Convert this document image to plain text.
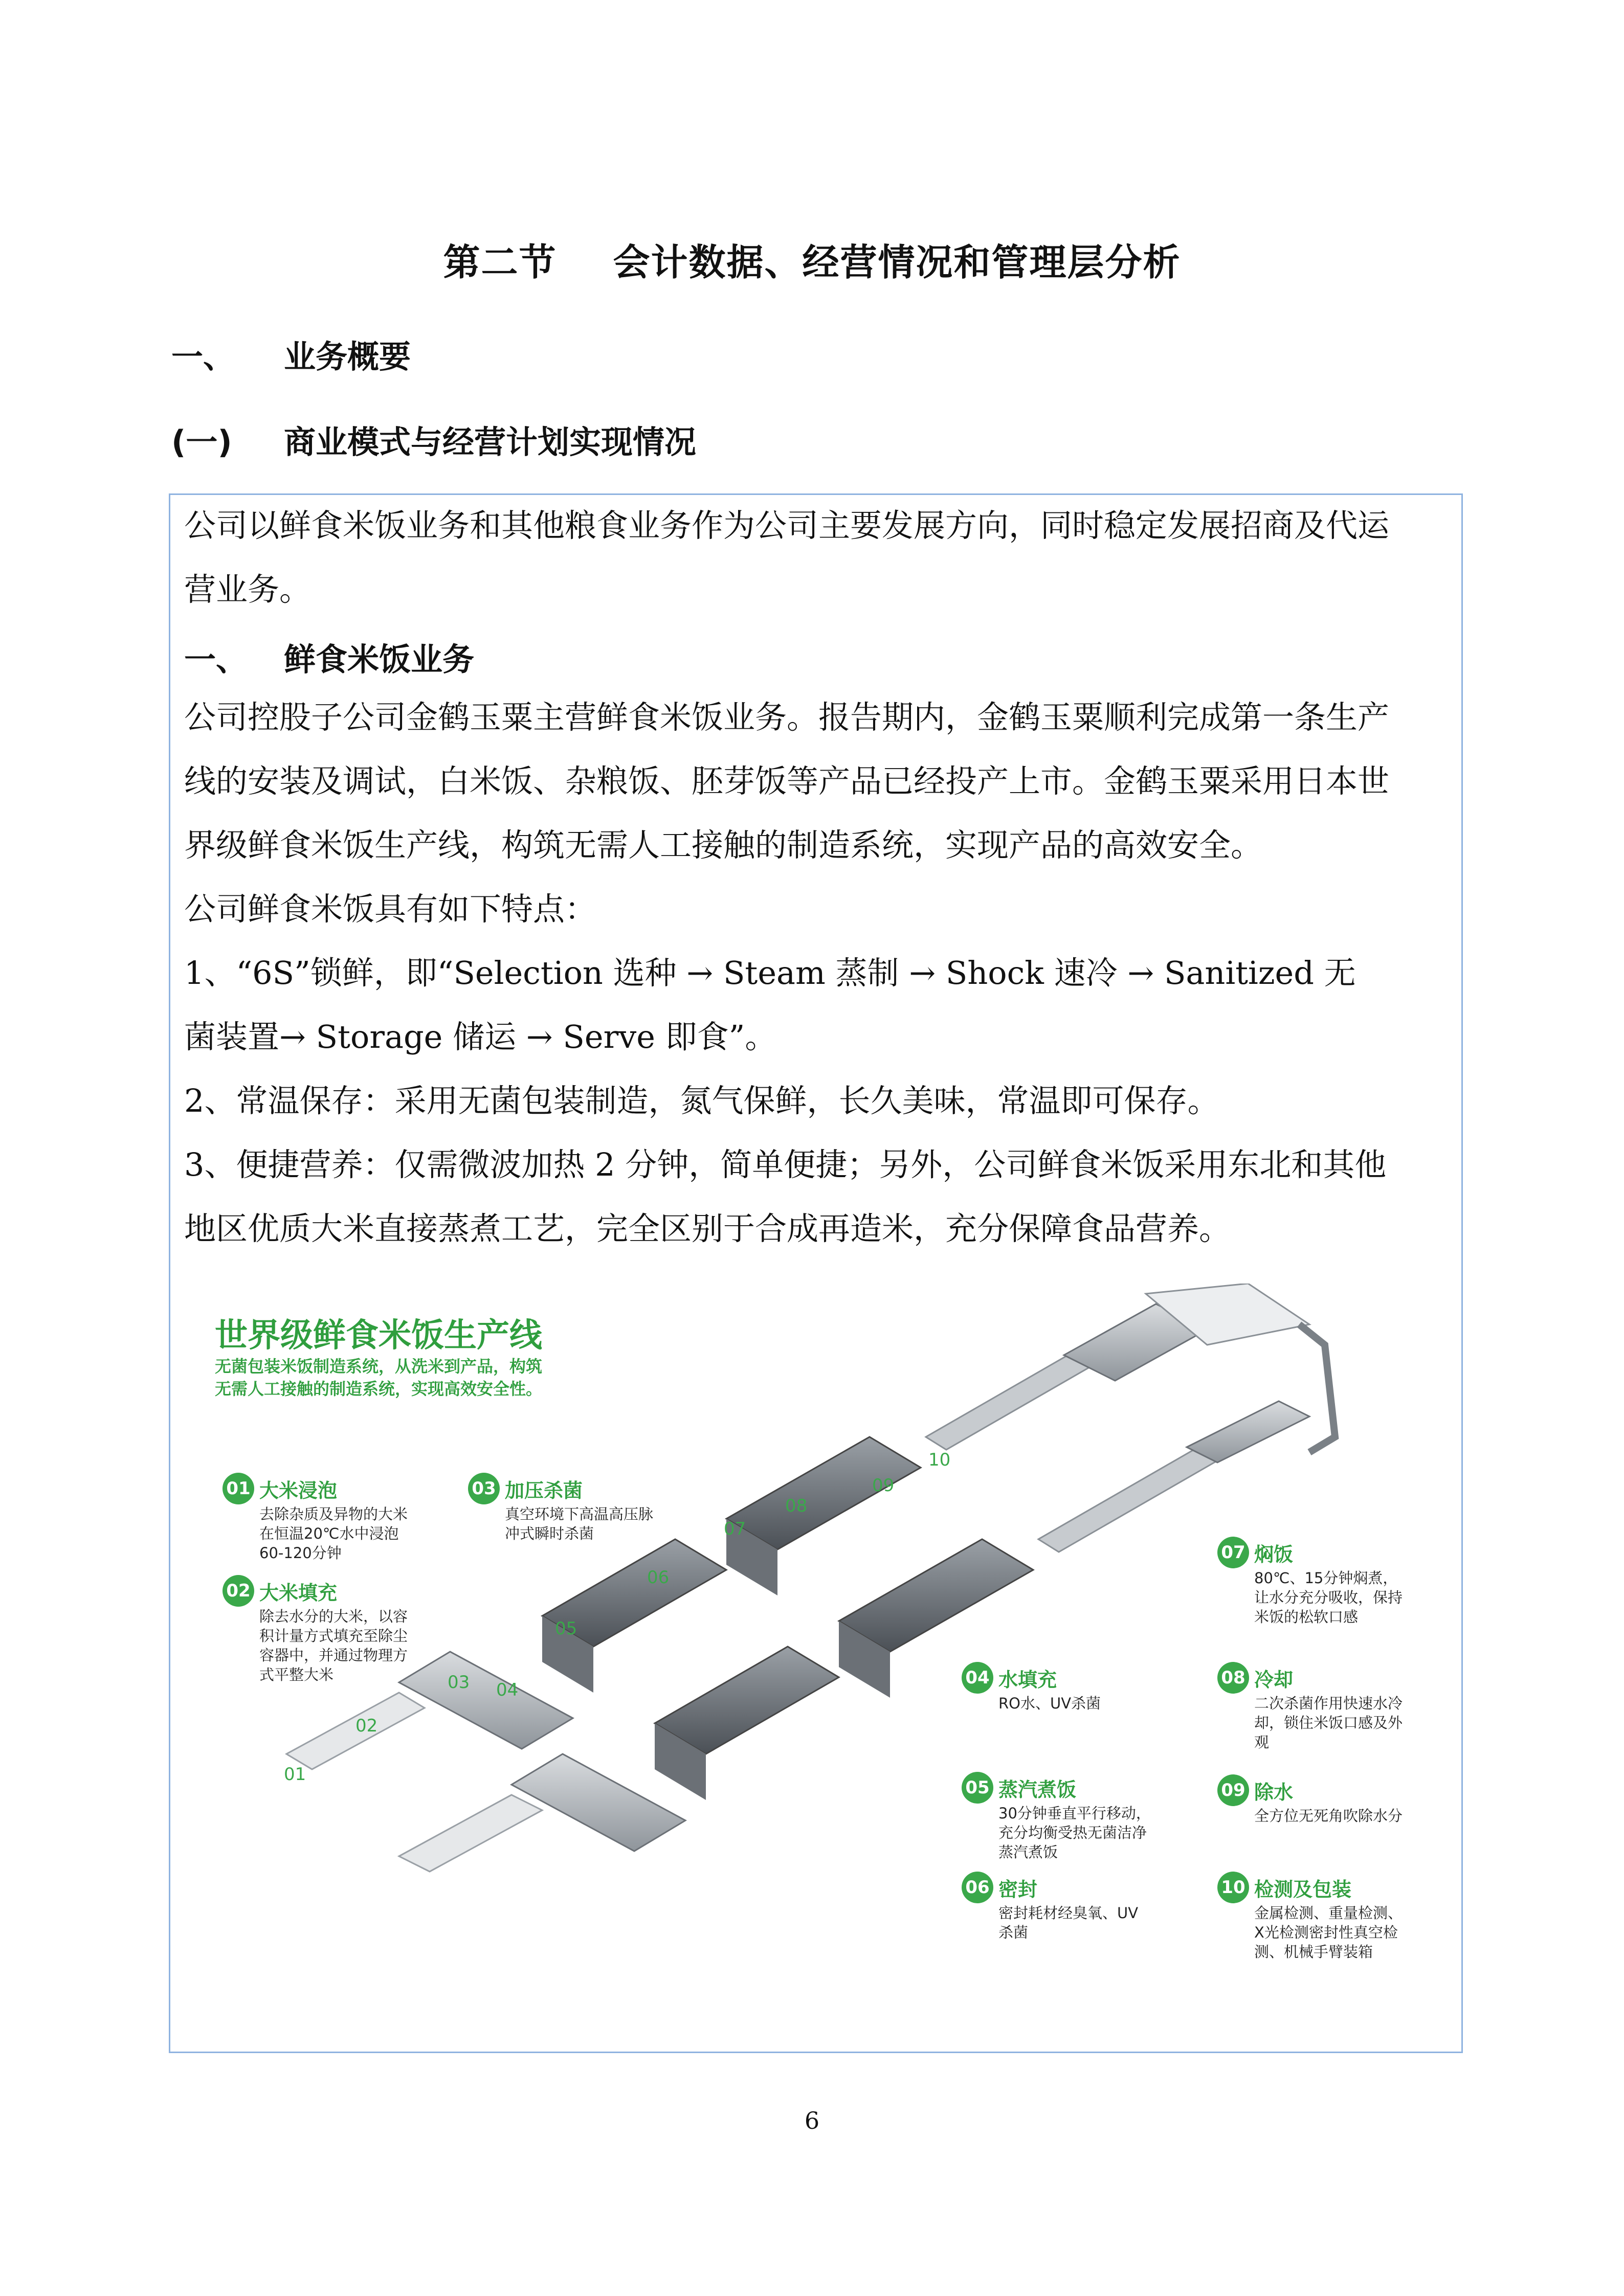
第二节 会计数据、经营情况和管理层分析
一、 业务概要
(一) 商业模式与经营计划实现情况
公司以鲜食米饭业务和其他粮食业务作为公司主要发展方向，同时稳定发展招商及代运
营业务。
一、 鲜食米饭业务
公司控股子公司金鹤玉粟主营鲜食米饭业务。报告期内，金鹤玉粟顺利完成第一条生产
线的安装及调试，白米饭、杂粮饭、胚芽饭等产品已经投产上市。金鹤玉粟采用日本世
界级鲜食米饭生产线，构筑无需人工接触的制造系统，实现产品的高效安全。
公司鲜食米饭具有如下特点：
1、“6S”锁鲜，即“Selection 选种 → Steam 蒸制 → Shock 速冷 → Sanitized 无
菌装置→ Storage 储运 → Serve 即食”。
2、常温保存：采用无菌包装制造，氮气保鲜，长久美味，常温即可保存。
3、便捷营养：仅需微波加热 2 分钟，简单便捷；另外，公司鲜食米饭采用东北和其他
地区优质大米直接蒸煮工艺，完全区别于合成再造米，充分保障食品营养。
世界级鲜食米饭生产线
无菌包装米饭制造系统，从洗米到产品，构筑
无需人工接触的制造系统，实现高效安全性。
01
02
03 04
05
06
07
08
09
10
01 大米浸泡
去除杂质及异物的大米
在恒温20℃水中浸泡
60-120分钟
02 大米填充
除去水分的大米，以容
积计量方式填充至除尘
容器中，并通过物理方
式平整大米
03 加压杀菌
真空环境下高温高压脉
冲式瞬时杀菌
04 水填充
RO水、UV杀菌
05 蒸汽煮饭
30分钟垂直平行移动，
充分均衡受热无菌洁净
蒸汽煮饭
06 密封
密封耗材经臭氧、UV
杀菌
07 焖饭
80℃、15分钟焖煮，
让水分充分吸收，保持
米饭的松软口感
08 冷却
二次杀菌作用快速水冷
却，锁住米饭口感及外
观
09 除水
全方位无死角吹除水分
10 检测及包装
金属检测、重量检测、
X光检测密封性真空检
测、机械手臂装箱
6
